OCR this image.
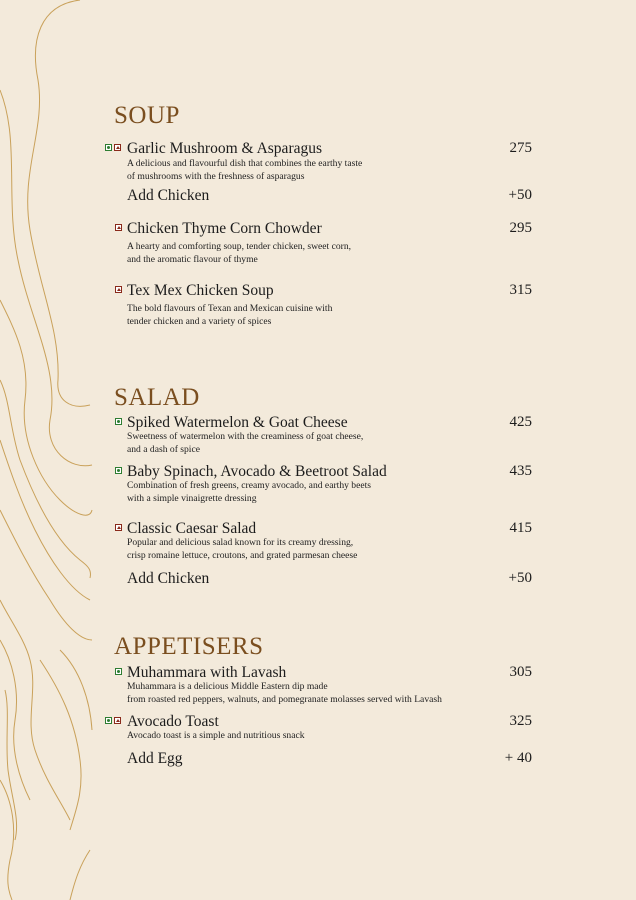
SOUP
Garlic Mushroom & Asparagus	275
A delicious and flavourful dish that combines the earthy taste
of mushrooms with the freshness of asparagus
Add Chicken	+50
Chicken Thyme Corn Chowder	295
A hearty and comforting soup, tender chicken, sweet corn,
and the aromatic flavour of thyme
Tex Mex Chicken Soup	315
The bold flavours of Texan and Mexican cuisine with
tender chicken and a variety of spices
SALAD
Spiked Watermelon & Goat Cheese	425
Sweetness of watermelon with the creaminess of goat cheese,
and a dash of spice
Baby Spinach, Avocado & Beetroot Salad	435
Combination of fresh greens, creamy avocado, and earthy beets
with a simple vinaigrette dressing
Classic Caesar Salad	415
Popular and delicious salad known for its creamy dressing,
crisp romaine lettuce, croutons, and grated parmesan cheese
Add Chicken	+50
APPETISERS
Muhammara with Lavash	305
Muhammara is a delicious Middle Eastern dip made
from roasted red peppers, walnuts, and pomegranate molasses served with Lavash
Avocado Toast	325
Avocado toast is a simple and nutritious snack
Add Egg	+ 40
